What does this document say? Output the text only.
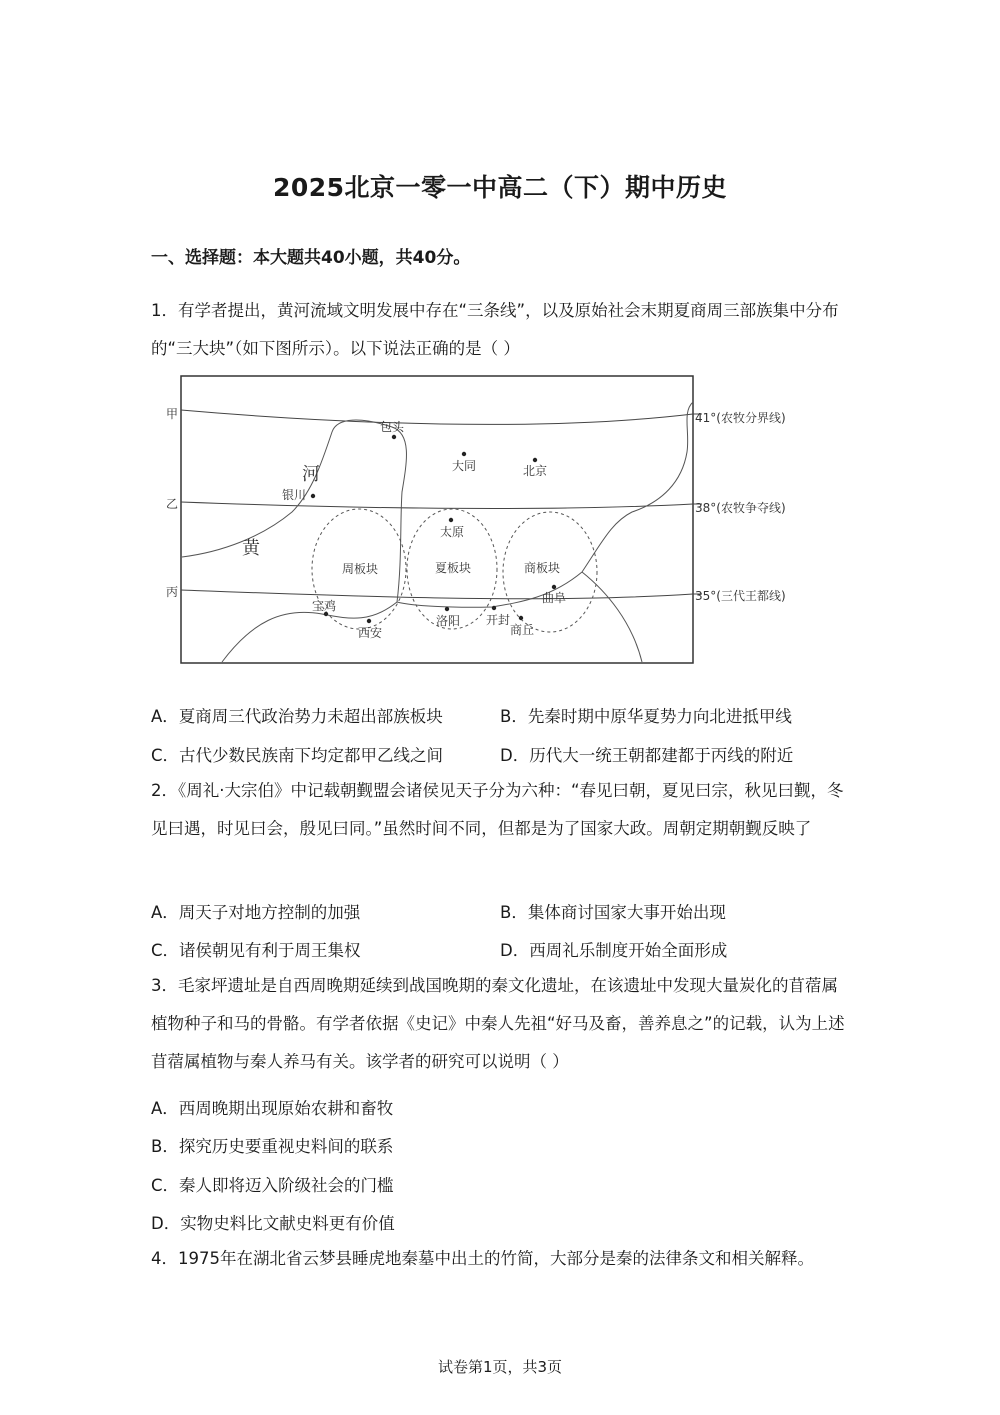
2025北京一零一中高二（下）期中历史
一、选择题：本大题共40小题，共40分。
1．有学者提出，黄河流域文明发展中存在“三条线”，以及原始社会末期夏商周三部族集中分布的“三大块”（如下图所示）。以下说法正确的是（ ）
甲
乙
丙
41°(农牧分界线)
38°(农牧争夺线)
35°(三代王都线)
河
黄
周板块	夏板块	商板块
包头
大同	北京
银川
太原
曲阜
宝鸡
西安
洛阳 开封
商丘
A．夏商周三代政治势力未超出部族板块	B．先秦时期中原华夏势力向北进抵甲线
C．古代少数民族南下均定都甲乙线之间	D．历代大一统王朝都建都于丙线的附近
2．《周礼·大宗伯》中记载朝觐盟会诸侯见天子分为六种：“春见曰朝，夏见曰宗，秋见曰觐，冬见曰遇，时见曰会，殷见曰同。”虽然时间不同，但都是为了国家大政。周朝定期朝觐反映了
A．周天子对地方控制的加强	B．集体商讨国家大事开始出现
C．诸侯朝见有利于周王集权	D．西周礼乐制度开始全面形成
3．毛家坪遗址是自西周晚期延续到战国晚期的秦文化遗址，在该遗址中发现大量炭化的苜蓿属植物种子和马的骨骼。有学者依据《史记》中秦人先祖“好马及畜，善养息之”的记载，认为上述苜蓿属植物与秦人养马有关。该学者的研究可以说明（ ）
A．西周晚期出现原始农耕和畜牧
B．探究历史要重视史料间的联系
C．秦人即将迈入阶级社会的门槛
D．实物史料比文献史料更有价值
4．1975年在湖北省云梦县睡虎地秦墓中出土的竹简，大部分是秦的法律条文和相关解释。
试卷第1页，共3页
